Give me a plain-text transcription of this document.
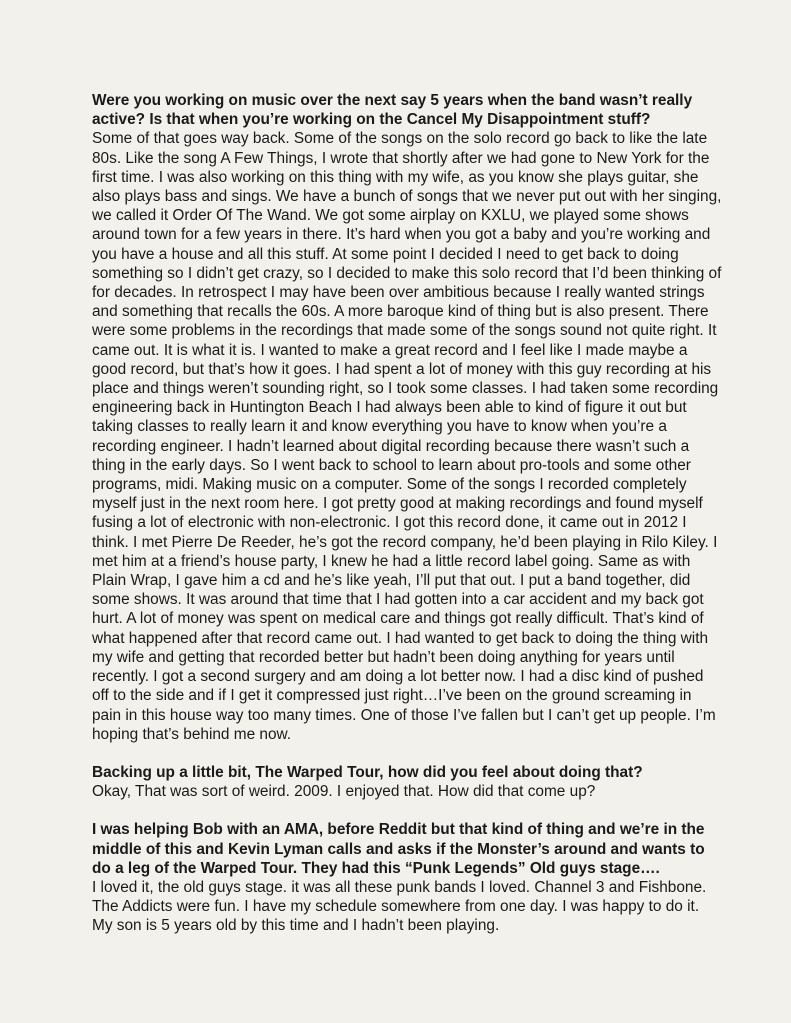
Were you working on music over the next say 5 years when the band wasn’t really active? Is that when you’re working on the Cancel My Disappointment stuff?

Some of that goes way back. Some of the songs on the solo record go back to like the late 80s. Like the song A Few Things, I wrote that shortly after we had gone to New York for the first time. I was also working on this thing with my wife, as you know she plays guitar, she also plays bass and sings. We have a bunch of songs that we never put out with her singing, we called it Order Of The Wand. We got some airplay on KXLU, we played some shows around town for a few years in there. It’s hard when you got a baby and you’re working and you have a house and all this stuff. At some point I decided I need to get back to doing something so I didn’t get crazy, so I decided to make this solo record that I’d been thinking of for decades. In retrospect I may have been over ambitious because I really wanted strings and something that recalls the 60s. A more baroque kind of thing but is also present. There were some problems in the recordings that made some of the songs sound not quite right. It came out. It is what it is. I wanted to make a great record and I feel like I made maybe a good record, but that’s how it goes. I had spent a lot of money with this guy recording at his place and things weren’t sounding right, so I took some classes. I had taken some recording engineering back in Huntington Beach I had always been able to kind of figure it out but taking classes to really learn it and know everything you have to know when you’re a recording engineer. I hadn’t learned about digital recording because there wasn’t such a thing in the early days. So I went back to school to learn about pro-tools and some other programs, midi. Making music on a computer. Some of the songs I recorded completely myself just in the next room here. I got pretty good at making recordings and found myself fusing a lot of electronic with non-electronic. I got this record done, it came out in 2012 I think. I met Pierre De Reeder, he’s got the record company, he’d been playing in Rilo Kiley. I met him at a friend’s house party, I knew he had a little record label going. Same as with Plain Wrap, I gave him a cd and he’s like yeah, I’ll put that out. I put a band together, did some shows. It was around that time that I had gotten into a car accident and my back got hurt. A lot of money was spent on medical care and things got really difficult. That’s kind of what happened after that record came out. I had wanted to get back to doing the thing with my wife and getting that recorded better but hadn’t been doing anything for years until recently. I got a second surgery and am doing a lot better now. I had a disc kind of pushed off to the side and if I get it compressed just right…I’ve been on the ground screaming in pain in this house way too many times. One of those I’ve fallen but I can’t get up people. I’m hoping that’s behind me now.

Backing up a little bit, The Warped Tour, how did you feel about doing that?

Okay, That was sort of weird. 2009. I enjoyed that. How did that come up?

I was helping Bob with an AMA, before Reddit but that kind of thing and we’re in the middle of this and Kevin Lyman calls and asks if the Monster’s around and wants to do a leg of the Warped Tour. They had this “Punk Legends” Old guys stage….

I loved it, the old guys stage. it was all these punk bands I loved. Channel 3 and Fishbone. The Addicts were fun. I have my schedule somewhere from one day. I was happy to do it. My son is 5 years old by this time and I hadn’t been playing.
